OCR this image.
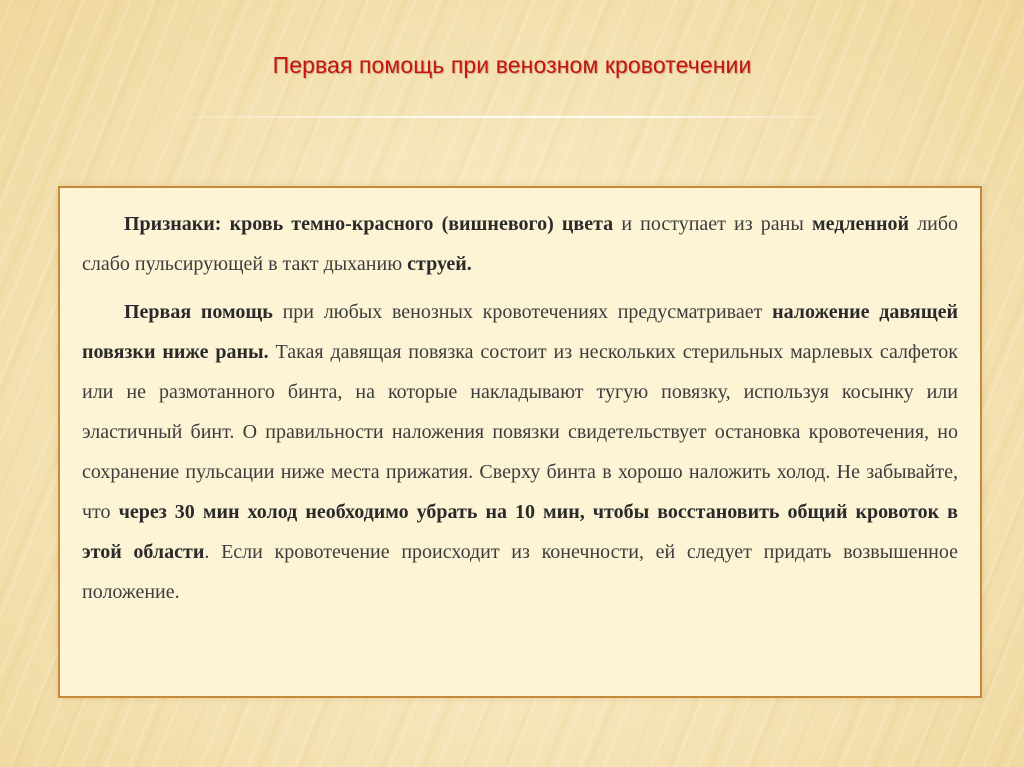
Первая помощь при венозном кровотечении

Признаки: кровь темно-красного (вишневого) цвета и поступает из раны медленной либо слабо пульсирующей в такт дыханию струей.

Первая помощь при любых венозных кровотечениях предусматривает наложение давящей повязки ниже раны. Такая давящая повязка состоит из нескольких стерильных марлевых салфеток или не размотанного бинта, на которые накладывают тугую повязку, используя косынку или эластичный бинт. О правильности наложения повязки свидетельствует остановка кровотечения, но сохранение пульсации ниже места прижатия. Сверху бинта в хорошо наложить холод. Не забывайте, что через 30 мин холод необходимо убрать на 10 мин, чтобы восстановить общий кровоток в этой области. Если кровотечение происходит из конечности, ей следует придать возвышенное положение.
